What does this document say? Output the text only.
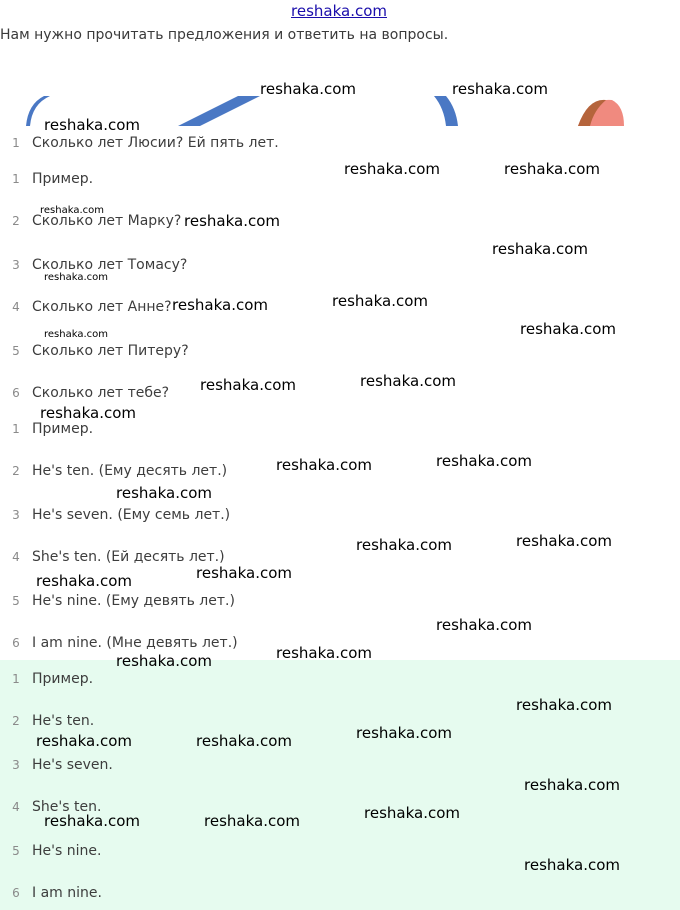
reshaka.com
Нам нужно прочитать предложения и ответить на вопросы.
1 Сколько лет Люсии? Ей пять лет.
1 Пример.
2 Сколько лет Марку?
3 Сколько лет Томасу?
4 Сколько лет Анне?
5 Сколько лет Питеру?
6 Сколько лет тебе?
1 Пример.
2 He's ten. (Ему десять лет.)
3 He's seven. (Ему семь лет.)
4 She's ten. (Ей десять лет.)
5 He's nine. (Ему девять лет.)
6 I am nine. (Мне девять лет.)
1 Пример.
2 He's ten.
3 He's seven.
4 She's ten.
5 He's nine.
6 I am nine.
reshaka.com	reshaka.com
reshaka.com
reshaka.com	reshaka.com
reshaka.com
reshaka.com
reshaka.com
reshaka.com
reshaka.com	reshaka.com
reshaka.com
reshaka.com
reshaka.com	reshaka.com
reshaka.com
reshaka.com	reshaka.com
reshaka.com
reshaka.com	reshaka.com
reshaka.com
reshaka.com
reshaka.com
reshaka.com
reshaka.com
reshaka.com
reshaka.com
reshaka.com	reshaka.com
reshaka.com
reshaka.com
reshaka.com	reshaka.com
reshaka.com
